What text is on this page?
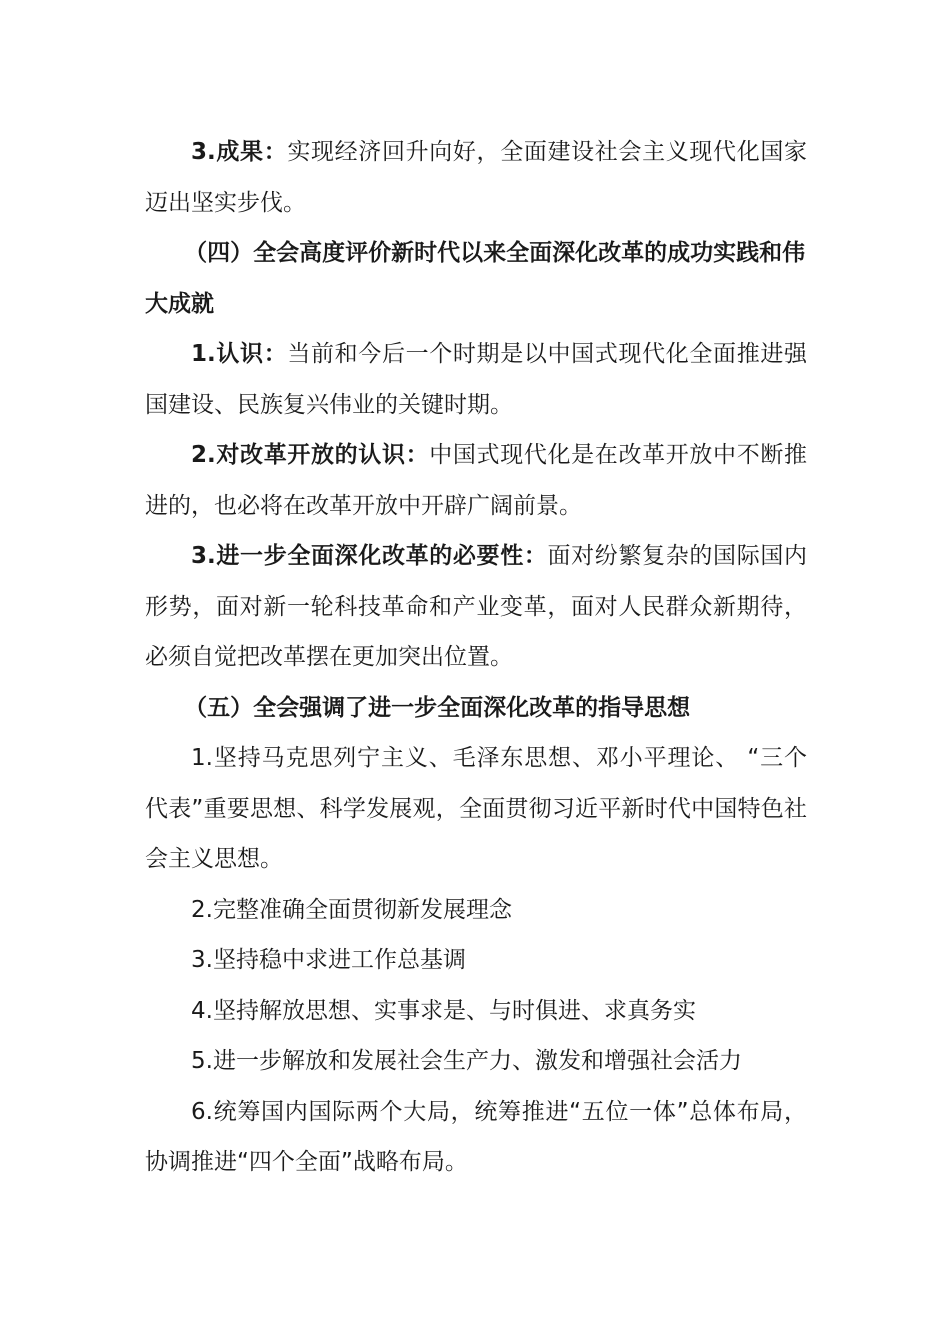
3.成果：实现经济回升向好，全面建设社会主义现代化国家迈出坚实步伐。

（四）全会高度评价新时代以来全面深化改革的成功实践和伟大成就

1.认识：当前和今后一个时期是以中国式现代化全面推进强国建设、民族复兴伟业的关键时期。

2.对改革开放的认识：中国式现代化是在改革开放中不断推进的，也必将在改革开放中开辟广阔前景。

3.进一步全面深化改革的必要性：面对纷繁复杂的国际国内形势，面对新一轮科技革命和产业变革，面对人民群众新期待，必须自觉把改革摆在更加突出位置。

（五）全会强调了进一步全面深化改革的指导思想

1.坚持马克思列宁主义、毛泽东思想、邓小平理论、 “三个代表”重要思想、科学发展观，全面贯彻习近平新时代中国特色社会主义思想。

2.完整准确全面贯彻新发展理念

3.坚持稳中求进工作总基调

4.坚持解放思想、实事求是、与时俱进、求真务实

5.进一步解放和发展社会生产力、激发和增强社会活力

6.统筹国内国际两个大局，统筹推进“五位一体”总体布局，协调推进“四个全面”战略布局。
